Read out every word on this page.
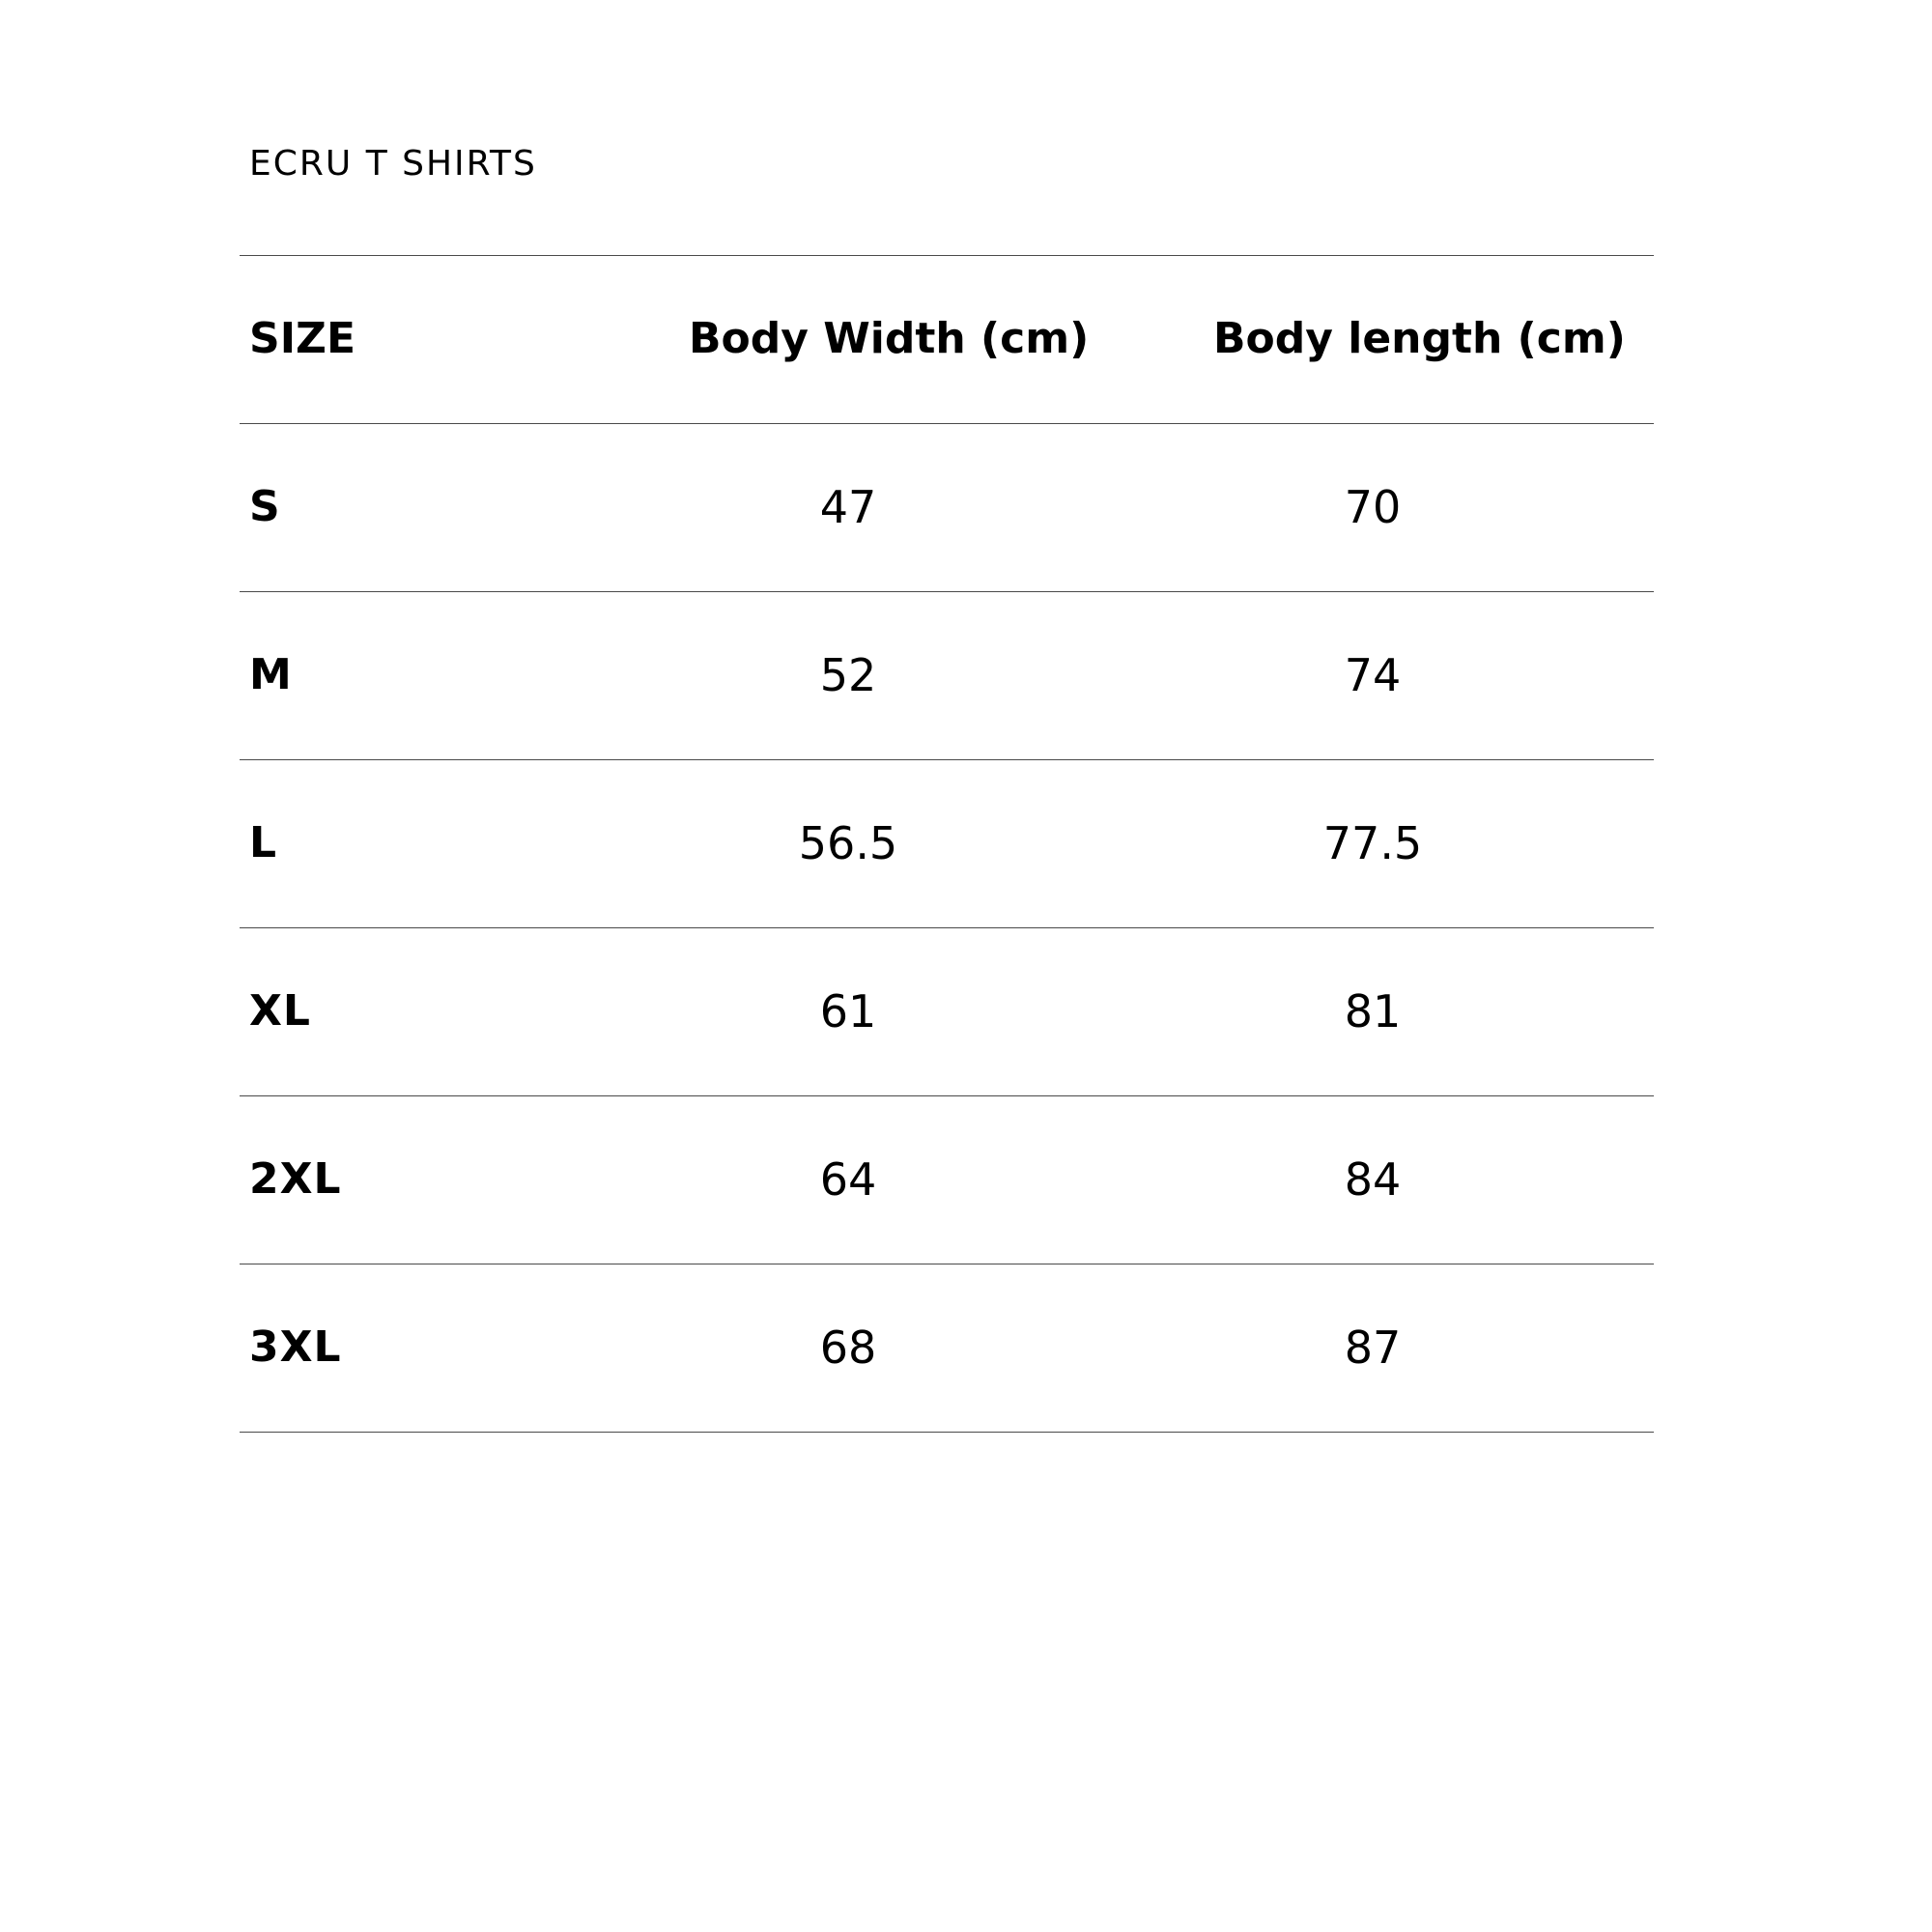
ECRU T SHIRTS
SIZE	Body Width (cm)	Body length (cm)
S	47	70
M	52	74
L	56.5	77.5
XL	61	81
2XL	64	84
3XL	68	87
